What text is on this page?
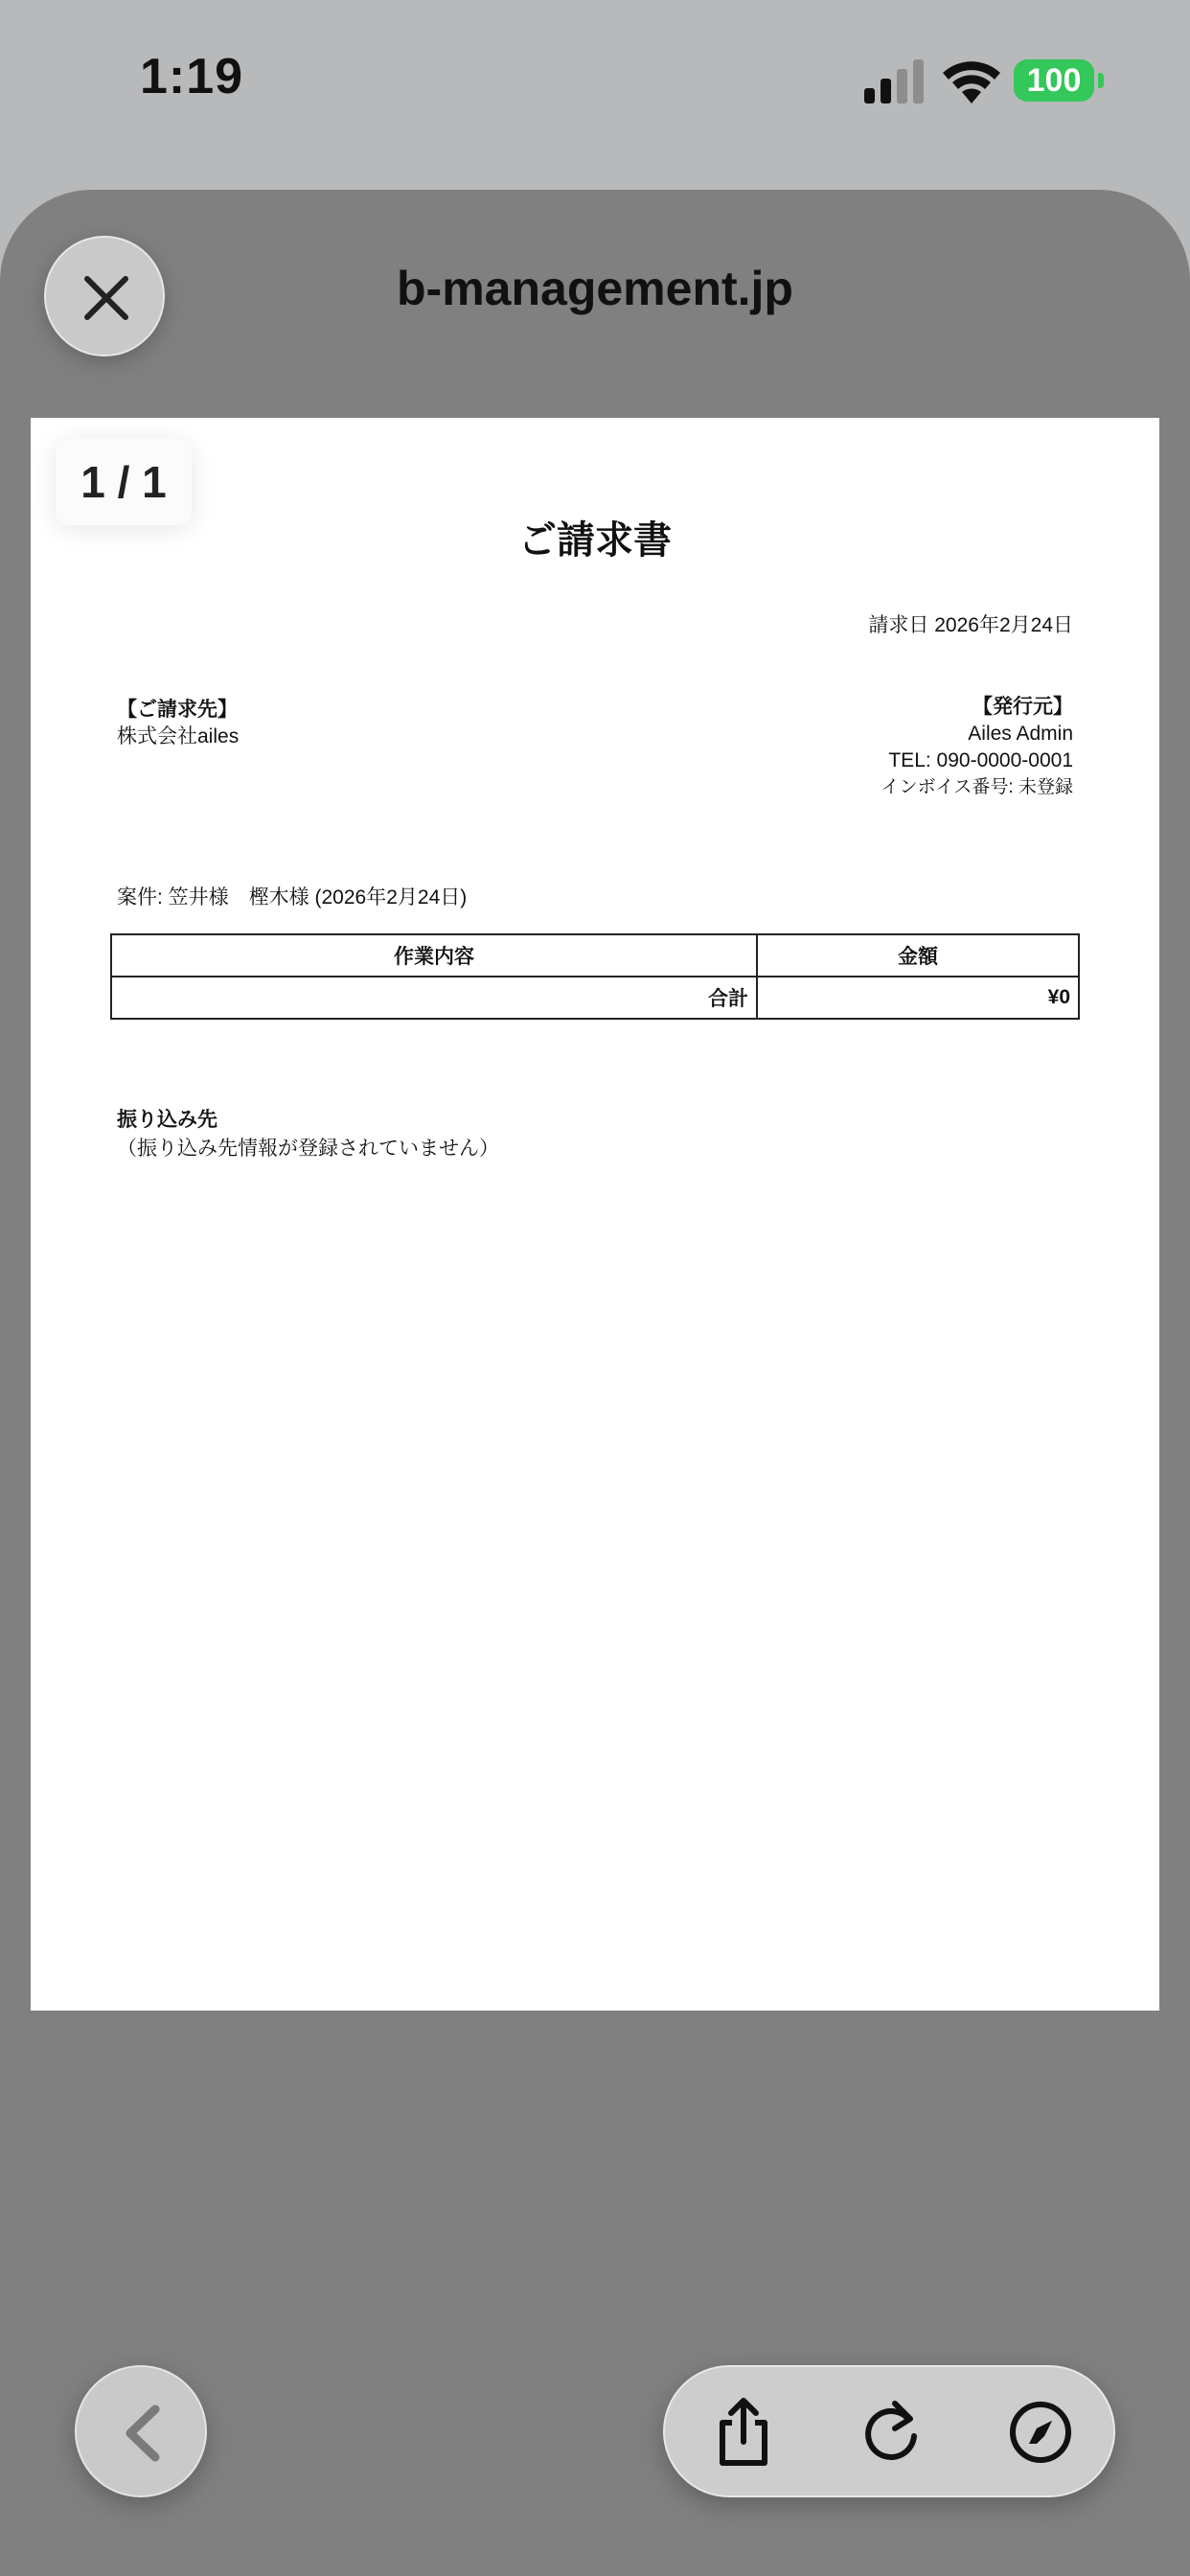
1:19	100
b-management.jp
1 / 1
ご請求書
請求日 2026年2月24日
【ご請求先】
株式会社ailes
【発行元】
Ailes Admin
TEL: 090-0000-0001
インボイス番号: 未登録
案件: 笠井様　樫木様 (2026年2月24日)
作業内容	金額
合計	¥0
振り込み先
（振り込み先情報が登録されていません）
